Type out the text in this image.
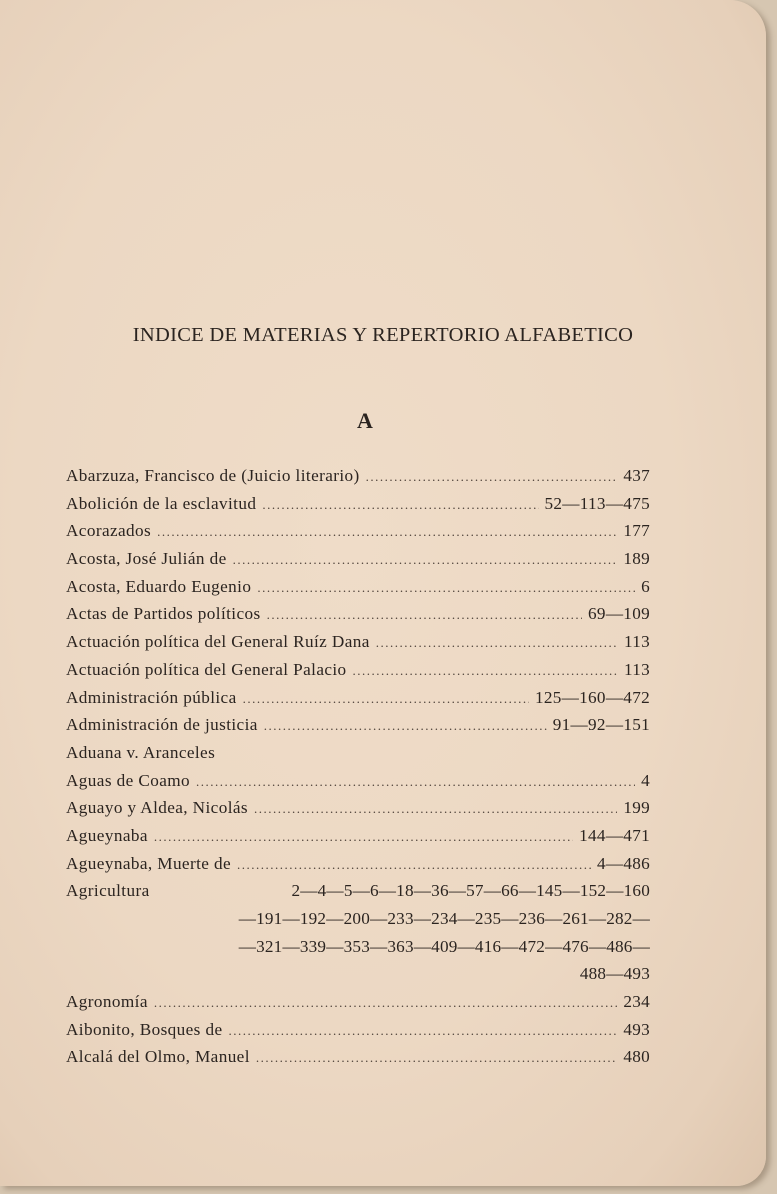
INDICE DE MATERIAS Y REPERTORIO ALFABETICO
A
Abarzuza, Francisco de (Juicio literario) .....	437
Abolición de la esclavitud .....	52—113—475
Acorazados .....	177
Acosta, José Julián de .....	189
Acosta, Eduardo Eugenio .....	6
Actas de Partidos políticos .....	69—109
Actuación política del General Ruíz Dana .....	113
Actuación política del General Palacio .....	113
Administración pública .....	125—160—472
Administración de justicia .....	91—92—151
Aduana v. Aranceles
Aguas de Coamo .....	4
Aguayo y Aldea, Nicolás .....	199
Agueynaba .....	144—471
Agueynaba, Muerte de .....	4—486
Agricultura	2—4—5—6—18—36—57—66—145—152—160
—191—192—200—233—234—235—236—261—282—
—321—339—353—363—409—416—472—476—486—
488—493
Agronomía .....	234
Aibonito, Bosques de .....	493
Alcalá del Olmo, Manuel .....	480
